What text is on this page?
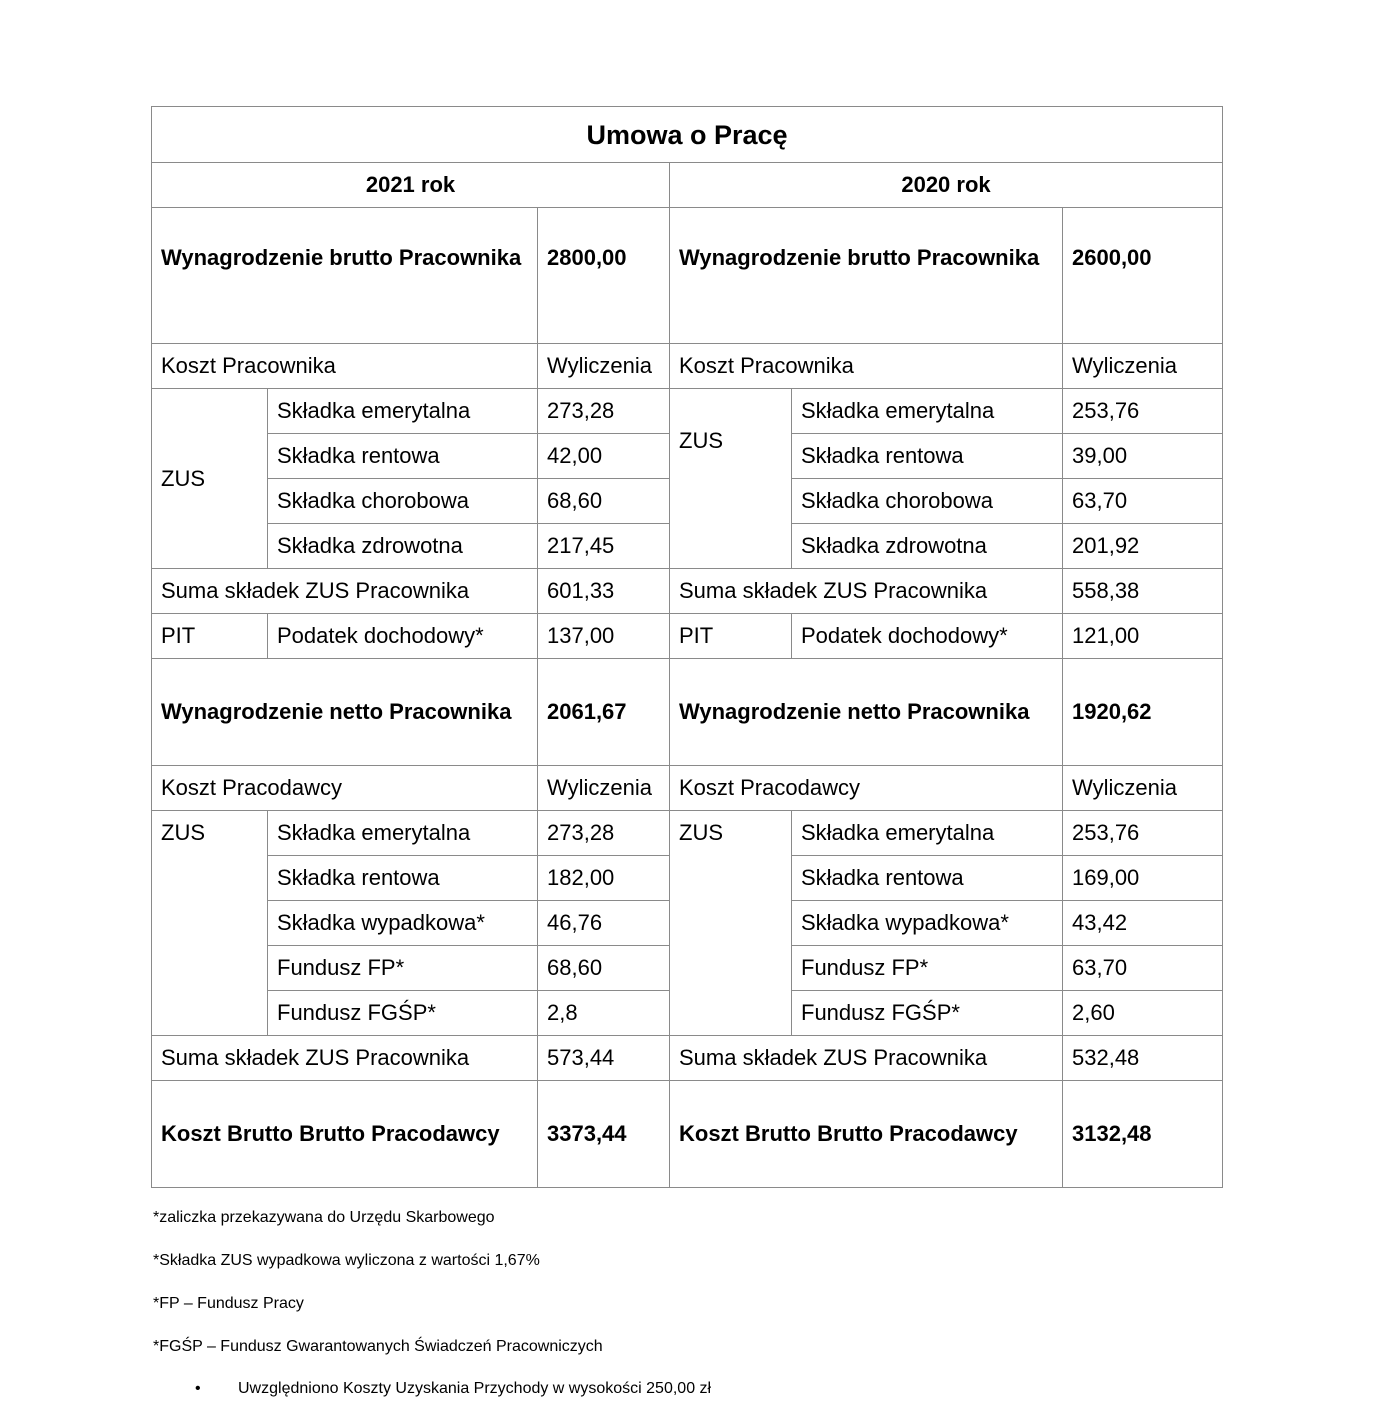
Umowa o Pracę					
2021 rok			2020 rok		
Wynagrodzenie brutto Pracownika		2800,00	Wynagrodzenie brutto Pracownika		2600,00
Koszt Pracownika		Wyliczenia	Koszt Pracownika		Wyliczenia
ZUS	Składka emerytalna	273,28	ZUS	Składka emerytalna	253,76
	Składka rentowa	42,00		Składka rentowa	39,00
	Składka chorobowa	68,60		Składka chorobowa	63,70
	Składka zdrowotna	217,45		Składka zdrowotna	201,92
Suma składek ZUS Pracownika		601,33	Suma składek ZUS Pracownika		558,38
PIT	Podatek dochodowy*	137,00	PIT	Podatek dochodowy*	121,00
Wynagrodzenie netto Pracownika		2061,67	Wynagrodzenie netto Pracownika		1920,62
Koszt Pracodawcy		Wyliczenia	Koszt Pracodawcy		Wyliczenia
ZUS	Składka emerytalna	273,28	ZUS	Składka emerytalna	253,76
	Składka rentowa	182,00		Składka rentowa	169,00
	Składka wypadkowa*	46,76		Składka wypadkowa*	43,42
	Fundusz FP*	68,60		Fundusz FP*	63,70
	Fundusz FGŚP*	2,8		Fundusz FGŚP*	2,60
Suma składek ZUS Pracownika		573,44	Suma składek ZUS Pracownika		532,48
Koszt Brutto Brutto Pracodawcy		3373,44	Koszt Brutto Brutto Pracodawcy		3132,48

*zaliczka przekazywana do Urzędu Skarbowego

*Składka ZUS wypadkowa wyliczona z wartości 1,67%

*FP – Fundusz Pracy

*FGŚP – Fundusz Gwarantowanych Świadczeń Pracowniczych

• Uwzględniono Koszty Uzyskania Przychody w wysokości 250,00 zł
